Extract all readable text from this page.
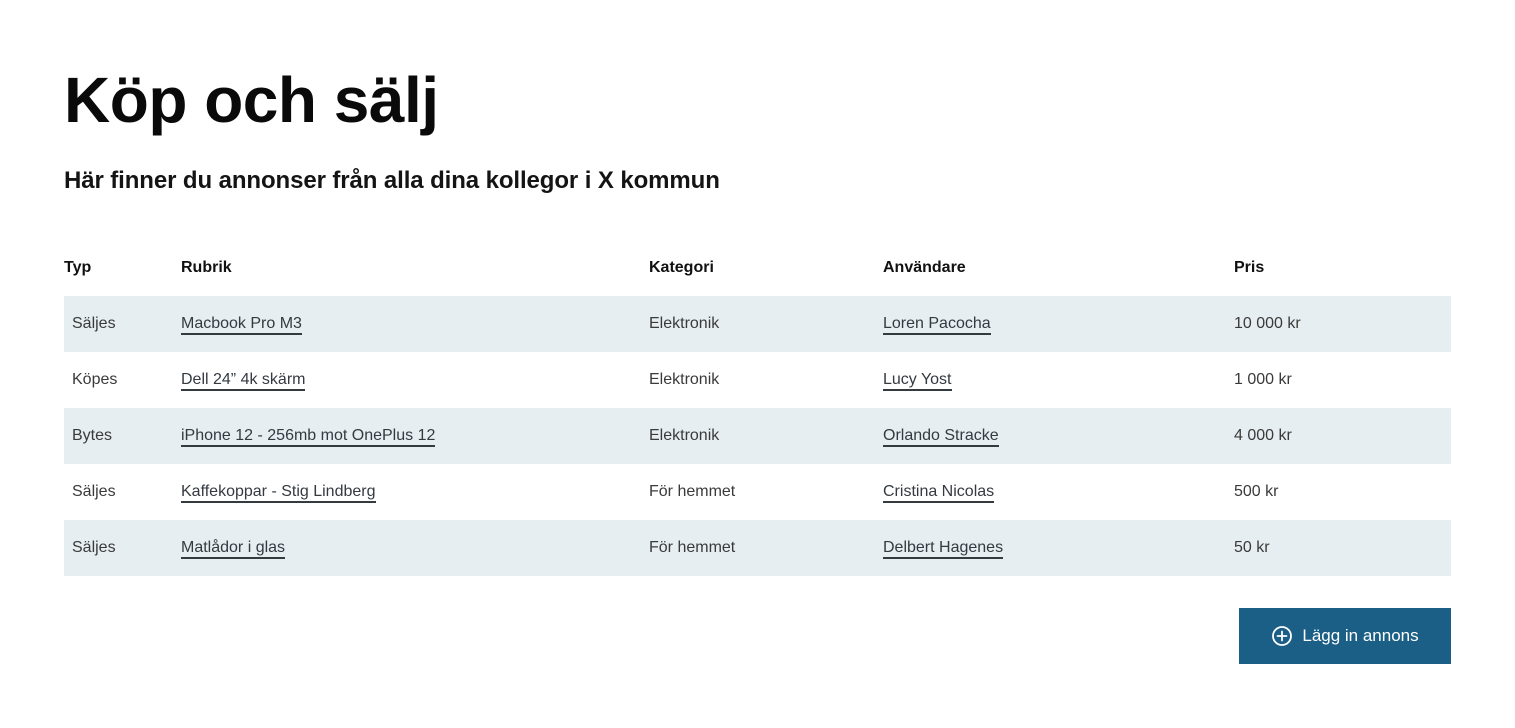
Köp och sälj
Här finner du annonser från alla dina kollegor i X kommun
Typ	Rubrik	Kategori	Användare	Pris
Säljes	Macbook Pro M3	Elektronik	Loren Pacocha	10 000 kr
Köpes	Dell 24” 4k skärm	Elektronik	Lucy Yost	1 000 kr
Bytes	iPhone 12 - 256mb mot OnePlus 12	Elektronik	Orlando Stracke	4 000 kr
Säljes	Kaffekoppar - Stig Lindberg	För hemmet	Cristina Nicolas	500 kr
Säljes	Matlådor i glas	För hemmet	Delbert Hagenes	50 kr
Lägg in annons
